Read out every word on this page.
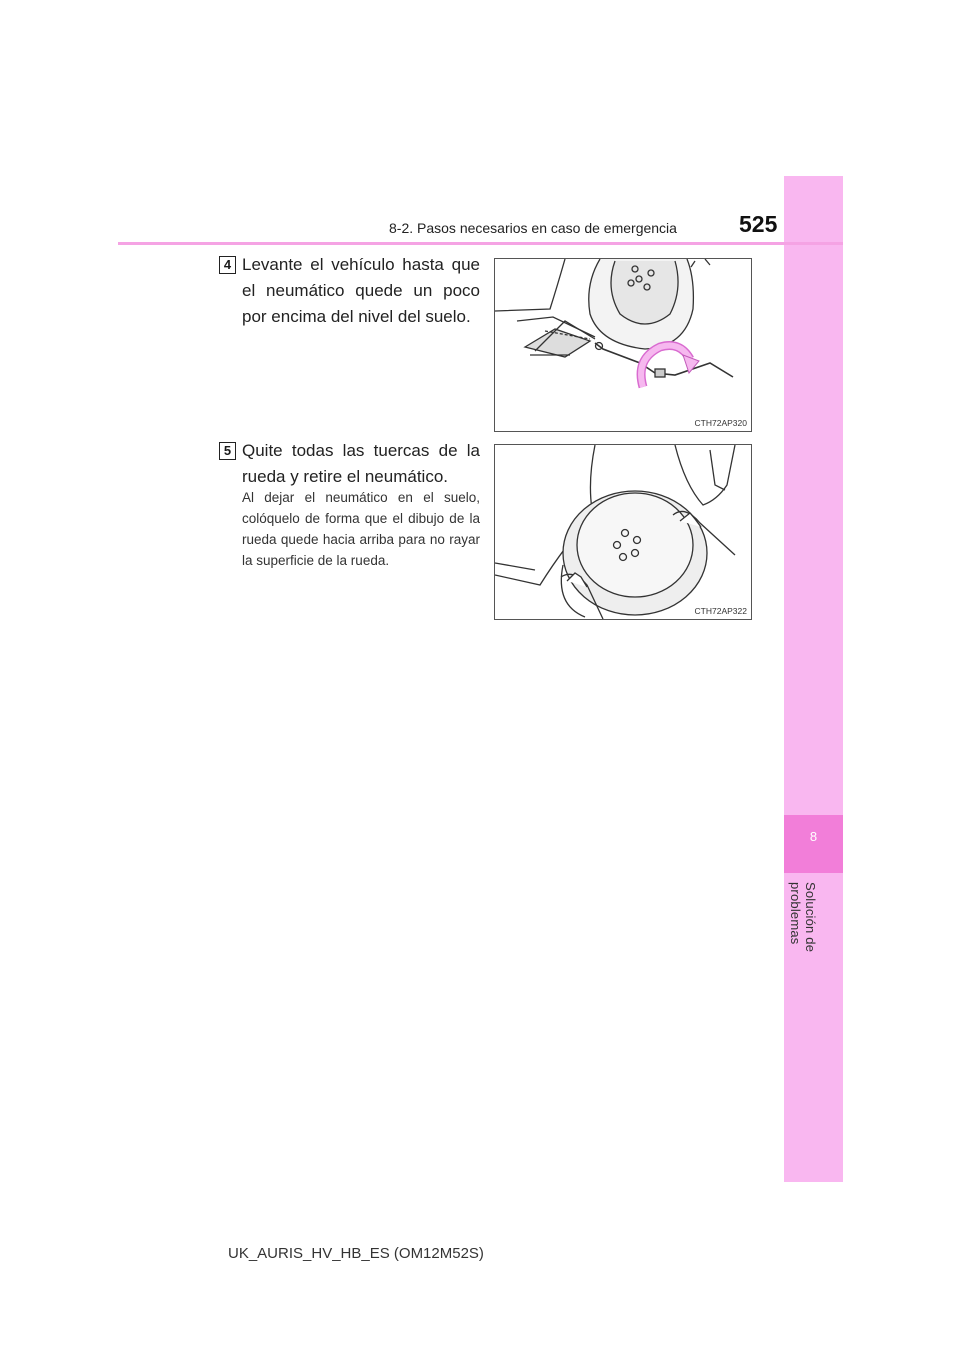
8
Solución de problemas
8-2. Pasos necesarios en caso de emergencia	525
4 Levante el vehículo hasta que el neumático quede un poco por encima del nivel del suelo.
CTH72AP320
5 Quite todas las tuercas de la rueda y retire el neumático.
Al dejar el neumático en el suelo, colóquelo de forma que el dibujo de la rueda quede hacia arriba para no rayar la superficie de la rueda.
CTH72AP322
UK_AURIS_HV_HB_ES (OM12M52S)
